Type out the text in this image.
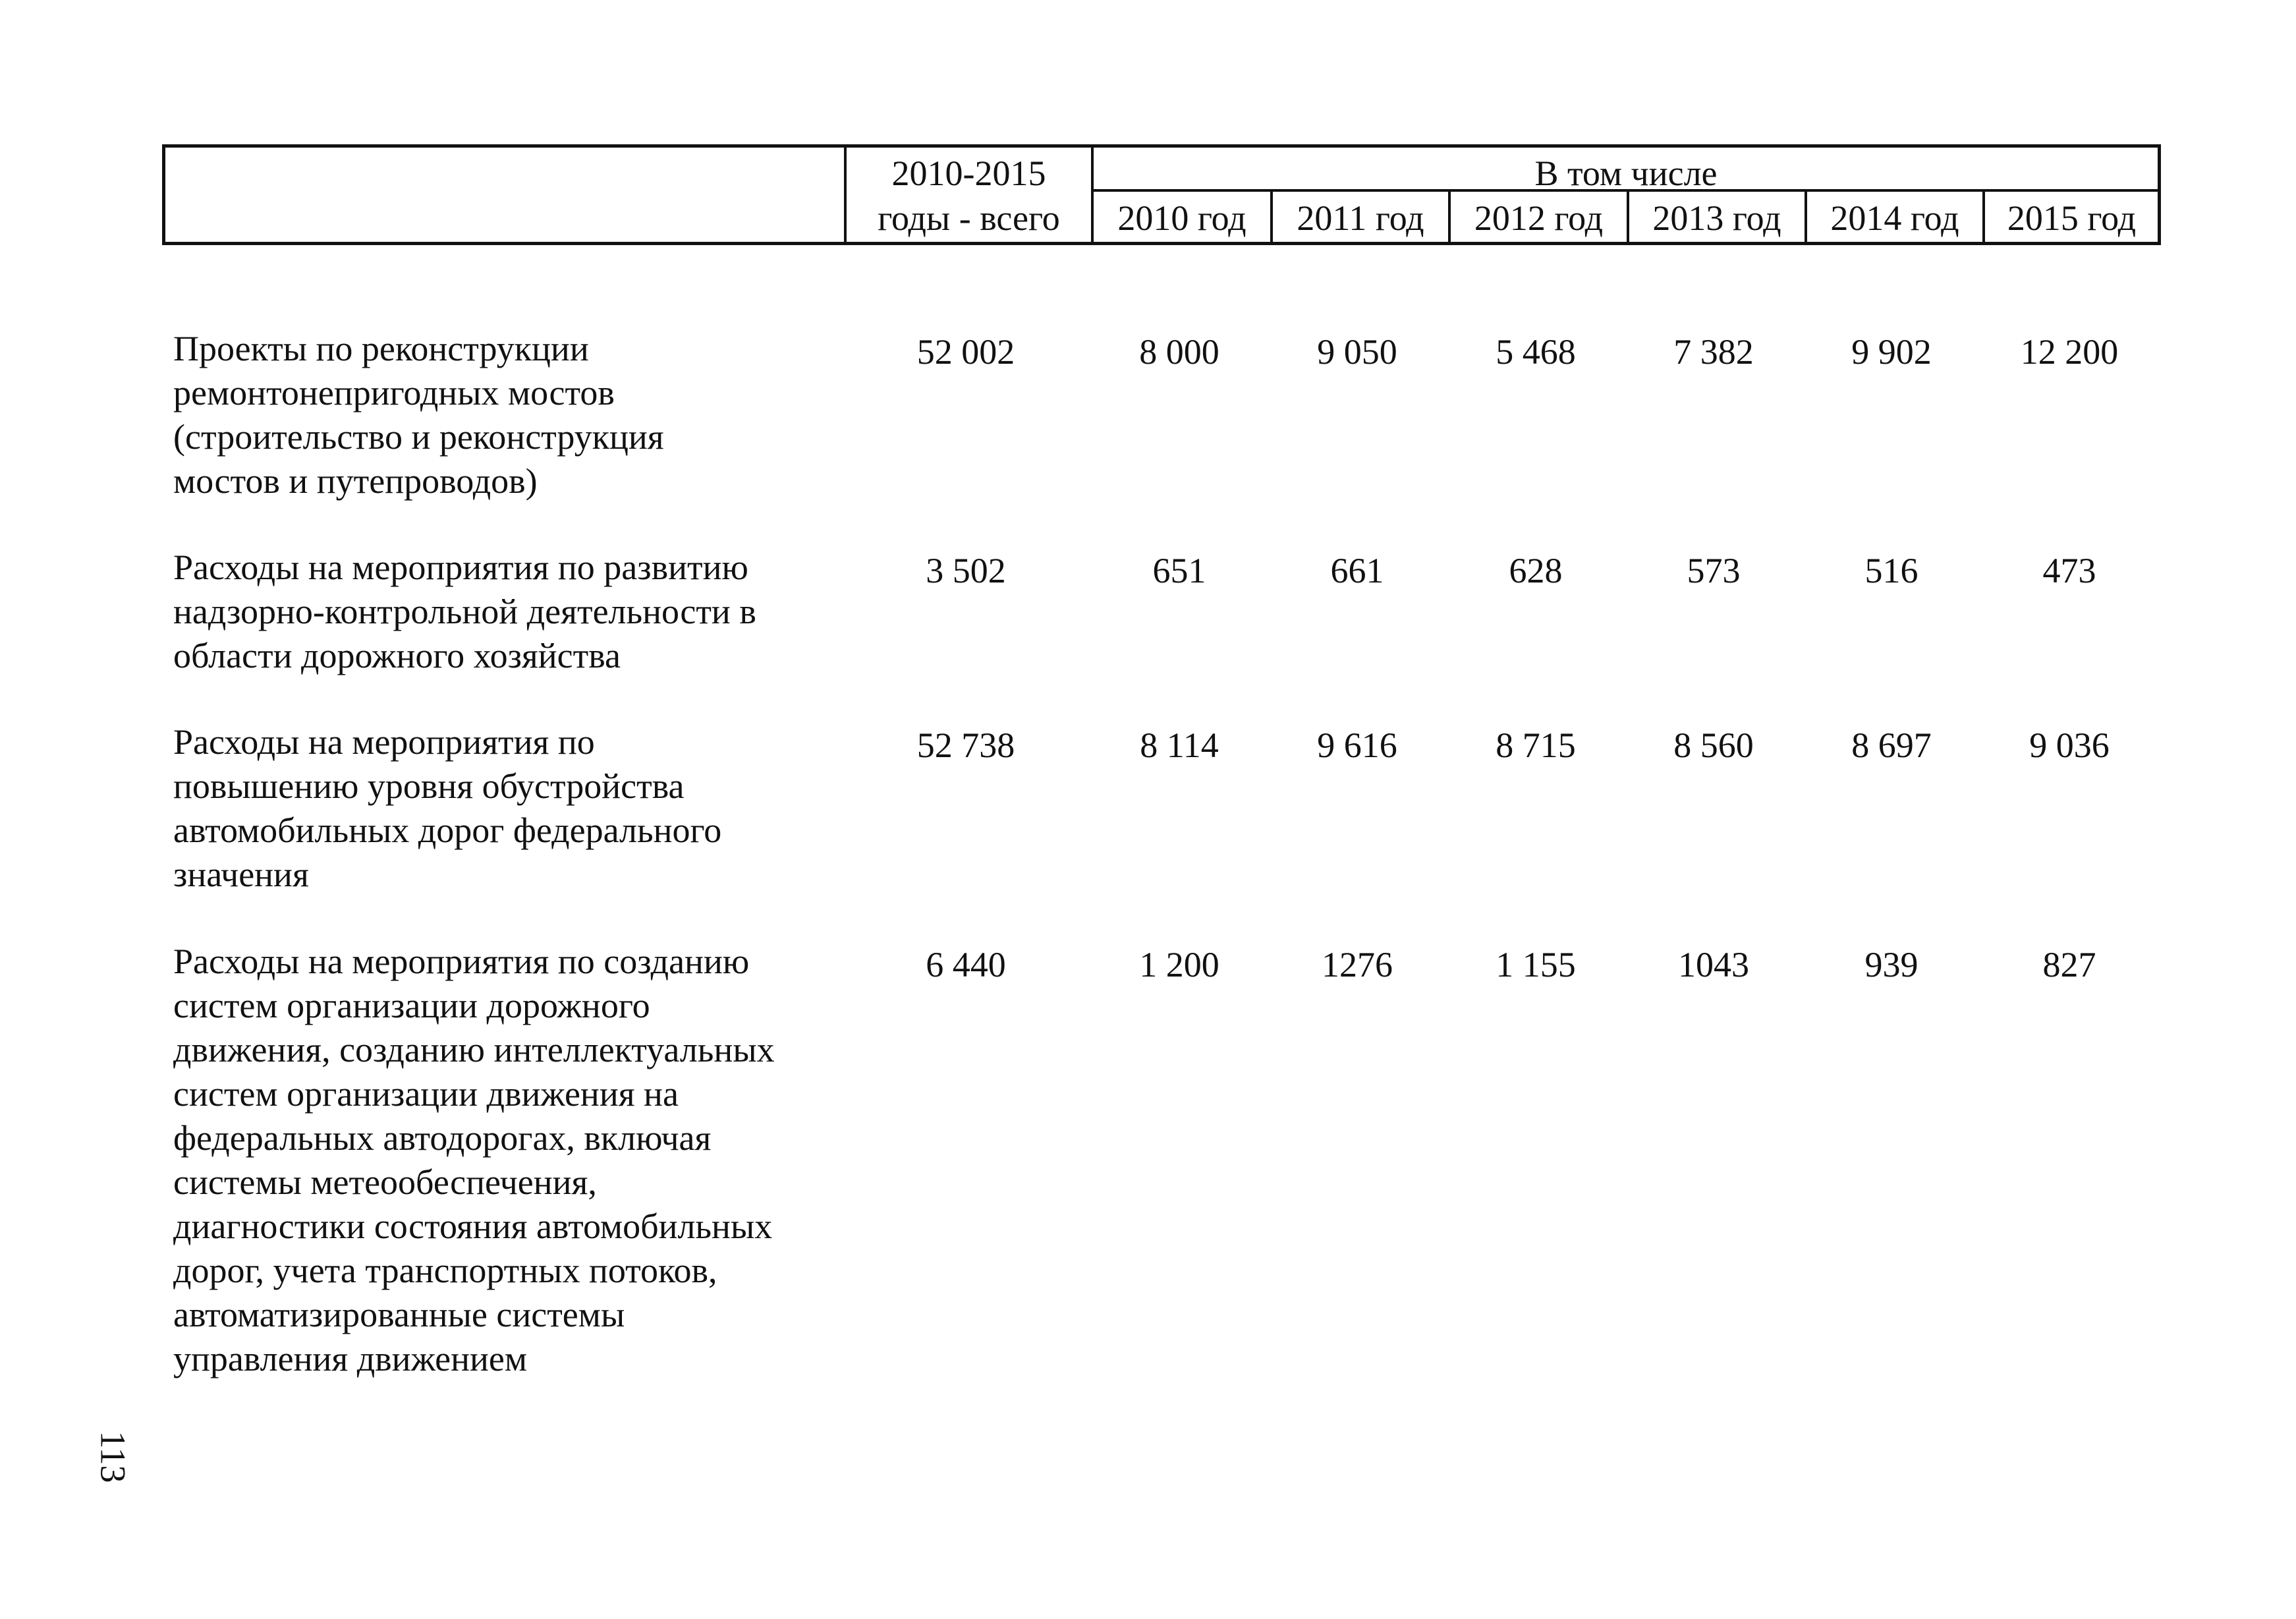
2010-2015
годы - всего
В том числе
2010 год	2011 год	2012 год	2013 год	2014 год	2015 год
Проекты по реконструкции
ремонтонепригодных мостов
(строительство и реконструкция
мостов и путепроводов)
52 002	8 000	9 050	5 468	7 382	9 902	12 200
Расходы на мероприятия по развитию
надзорно-контрольной деятельности в
области дорожного хозяйства
3 502	651	661	628	573	516	473
Расходы на мероприятия по
повышению уровня обустройства
автомобильных дорог федерального
значения
52 738	8 114	9 616	8 715	8 560	8 697	9 036
Расходы на мероприятия по созданию
систем организации дорожного
движения, созданию интеллектуальных
систем организации движения на
федеральных автодорогах, включая
системы метеообеспечения,
диагностики состояния автомобильных
дорог, учета транспортных потоков,
автоматизированные системы
управления движением
6 440	1 200	1276	1 155	1043	939	827
113
